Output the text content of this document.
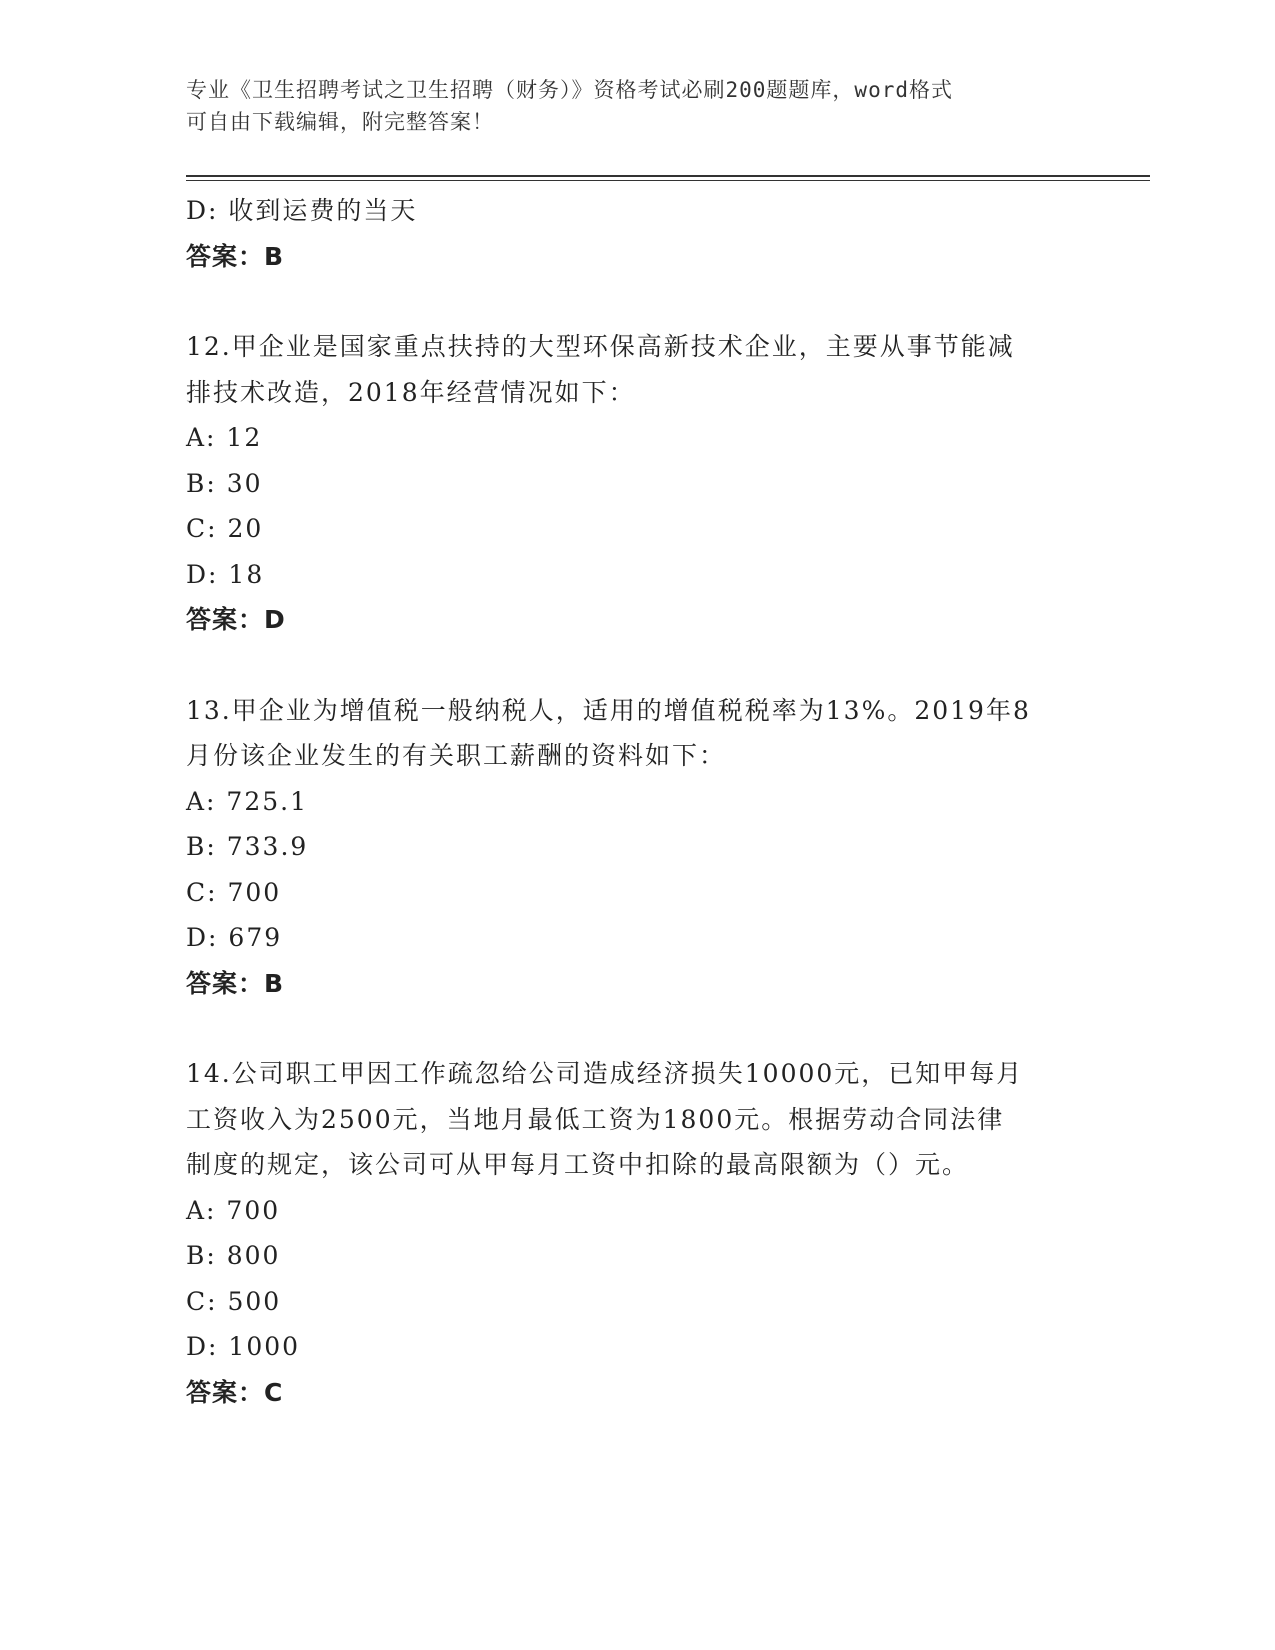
专业《卫生招聘考试之卫生招聘（财务）》资格考试必刷200题题库，word格式
可自由下载编辑，附完整答案！
D: 收到运费的当天
答案：B
12.甲企业是国家重点扶持的大型环保高新技术企业，主要从事节能减
排技术改造，2018年经营情况如下：
A: 12
B: 30
C: 20
D: 18
答案：D
13.甲企业为增值税一般纳税人，适用的增值税税率为13%。2019年8
月份该企业发生的有关职工薪酬的资料如下：
A: 725.1
B: 733.9
C: 700
D: 679
答案：B
14.公司职工甲因工作疏忽给公司造成经济损失10000元，已知甲每月
工资收入为2500元，当地月最低工资为1800元。根据劳动合同法律
制度的规定，该公司可从甲每月工资中扣除的最高限额为（）元。
A: 700
B: 800
C: 500
D: 1000
答案：C
